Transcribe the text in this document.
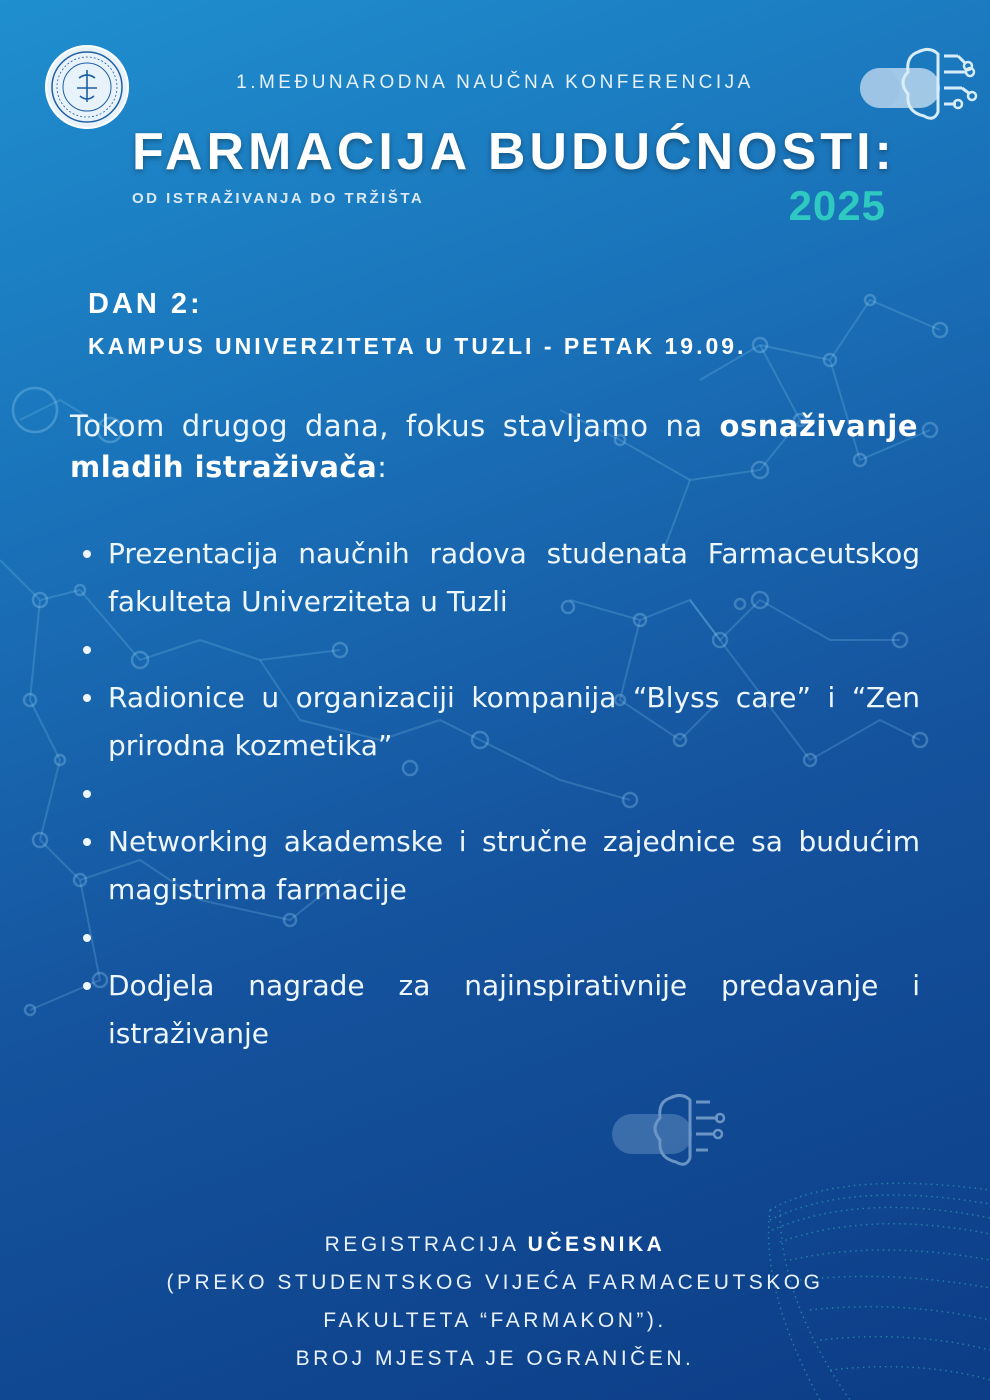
1.MEĐUNARODNA NAUČNA KONFERENCIJA
FARMACIJA BUDUĆNOSTI:
OD ISTRAŽIVANJA DO TRŽIŠTA	2025
DAN 2:
KAMPUS UNIVERZITETA U TUZLI - PETAK 19.09.

Tokom drugog dana, fokus stavljamo na osnaživanje mladih istraživača:

Prezentacija naučnih radova studenata Farmaceutskog fakulteta Univerziteta u Tuzli
Radionice u organizaciji kompanija “Blyss care” i “Zen prirodna kozmetika”
Networking akademske i stručne zajednice sa budućim magistrima farmacije
Dodjela nagrade za najinspirativnije predavanje i istraživanje
REGISTRACIJA UČESNIKA
(PREKO STUDENTSKOG VIJEĆA FARMACEUTSKOG
FAKULTETA “FARMAKON”).
BROJ MJESTA JE OGRANIČEN.
